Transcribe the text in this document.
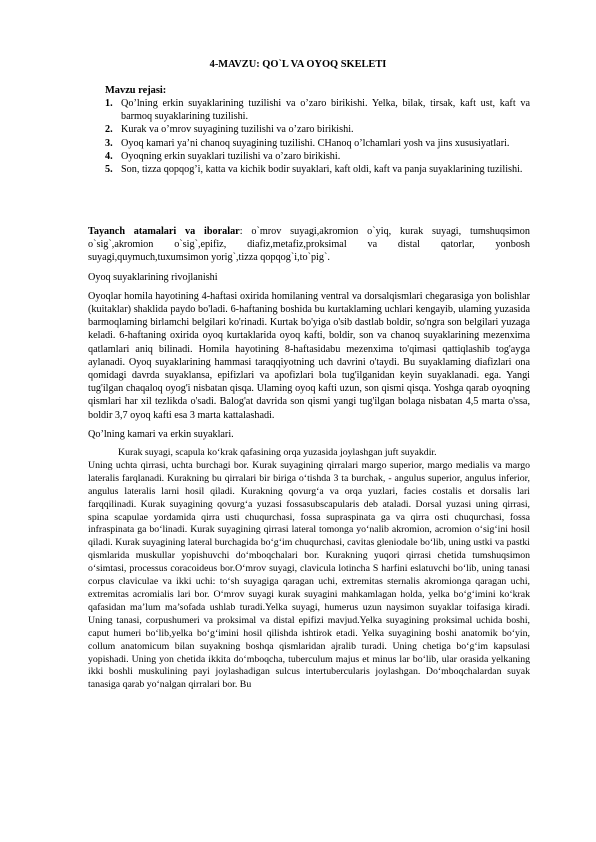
4-MAVZU: QO`L VA OYOQ SKELETI
Mavzu rejasi:
1. Qo’lning erkin suyaklarining tuzilishi va o’zaro birikishi. Yelka, bilak, tirsak, kaft ust, kaft va barmoq suyaklarining tuzilishi.
2. Kurak va o’mrov suyagining tuzilishi va o’zaro birikishi.
3. Oyoq kamari ya’ni chanoq suyagining tuzilishi. CHanoq o’lchamlari yosh va jins xususiyatlari.
4. Oyoqning erkin suyaklari tuzilishi va o’zaro birikishi.
5. Son, tizza qopqog’i, katta va kichik bodir suyaklari, kaft oldi, kaft va panja suyaklarining tuzilishi.

Tayanch atamalari va iboralar: o`mrov suyagi,akromion o`yiq, kurak suyagi, tumshuqsimon o`sig`,akromion o`sig`,epifiz, diafiz,metafiz,proksimal va distal qatorlar, yonbosh suyagi,quymuch,tuxumsimon yorig`,tizza qopqog`i,to`pig`.

Oyoq suyaklarining rivojlanishi

Oyoqlar homila hayotining 4-haftasi oxirida homilaning ventral va dorsalqismlari chegarasiga yon bolishlar (kuitaklar) shaklida paydo bo'ladi. 6-haftaning boshida bu kurtaklaming uchlari kengayib, ulaming yuzasida barmoqlaming birlamchi belgilari ko'rinadi. Kurtak bo'yiga o'sib dastlab boldir, so'ngra son belgilari yuzaga keladi. 6-haftaning oxirida oyoq kurtaklarida oyoq kafti, boldir, son va chanoq suyaklarining mezenxima qatlamlari aniq bilinadi. Homila hayotining 8-haftasidabu mezenxima to'qimasi qattiqlashib tog'ayga aylanadi. Oyoq suyaklarining hammasi taraqqiyotning uch davrini o'taydi. Bu suyaklaming diafizlari ona qomidagi davrda suyaklansa, epifizlari va apofizlari bola tug'ilganidan keyin suyaklanadi. ega. Yangi tug'ilgan chaqaloq oyog'i nisbatan qisqa. Ulaming oyoq kafti uzun, son qismi qisqa. Yoshga qarab oyoqning qismlari har xil tezlikda o'sadi. Balog'at davrida son qismi yangi tug'ilgan bolaga nisbatan 4,5 marta o'ssa, boldir 3,7 oyoq kafti esa 3 marta kattalashadi.

Qo’lning kamari va erkin suyaklari.

Kurak suyagi, scapula ko‘krak qafasining orqa yuzasida joylashgan juft suyakdir.

Uning uchta qirrasi, uchta burchagi bor. Kurak suyagining qirralari margo superior, margo medialis va margo lateralis farqlanadi. Kurakning bu qirralari bir biriga o‘tishda 3 ta burchak, - angulus superior, angulus inferior, angulus lateralis larni hosil qiladi. Kurakning qovurg‘a va orqa yuzlari, facies costalis et dorsalis lari farqqilinadi. Kurak suyagining qovurg‘a yuzasi fossasubscapularis deb ataladi. Dorsal yuzasi uning qirrasi, spina scapulae yordamida qirra usti chuqurchasi, fossa supraspinata ga va qirra osti chuqurchasi, fossa infraspinata ga bo‘linadi. Kurak suyagining qirrasi lateral tomonga yo‘nalib akromion, acromion o‘sig‘ini hosil qiladi. Kurak suyagining lateral burchagida bo‘g‘im chuqurchasi, cavitas gleniodale bo‘lib, uning ustki va pastki qismlarida muskullar yopishuvchi do‘mboqchalari bor. Kurakning yuqori qirrasi chetida tumshuqsimon o‘simtasi, processus coracoideus bor.O‘mrov suyagi, clavicula lotincha S harfini eslatuvchi bo‘lib, uning tanasi corpus claviculae va ikki uchi: to‘sh suyagiga qaragan uchi, extremitas sternalis akromionga qaragan uchi, extremitas acromialis lari bor. O‘mrov suyagi kurak suyagini mahkamlagan holda, yelka bo‘g‘imini ko‘krak qafasidan ma’lum ma’sofada ushlab turadi.Yelka suyagi, humerus uzun naysimon suyaklar toifasiga kiradi. Uning tanasi, corpushumeri va proksimal va distal epifizi mavjud.Yelka suyagining proksimal uchida boshi, caput humeri bo‘lib,yelka bo‘g‘imini hosil qilishda ishtirok etadi. Yelka suyagining boshi anatomik bo‘yin, collum anatomicum bilan suyakning boshqa qismlaridan ajralib turadi. Uning chetiga bo‘g‘im kapsulasi yopishadi. Uning yon chetida ikkita do‘mboqcha, tuberculum majus et minus lar bo‘lib, ular orasida yelkaning ikki boshli muskulining payi joylashadigan sulcus intertubercularis joylashgan. Do‘mboqchalardan suyak tanasiga qarab yo‘nalgan qirralari bor. Bu
